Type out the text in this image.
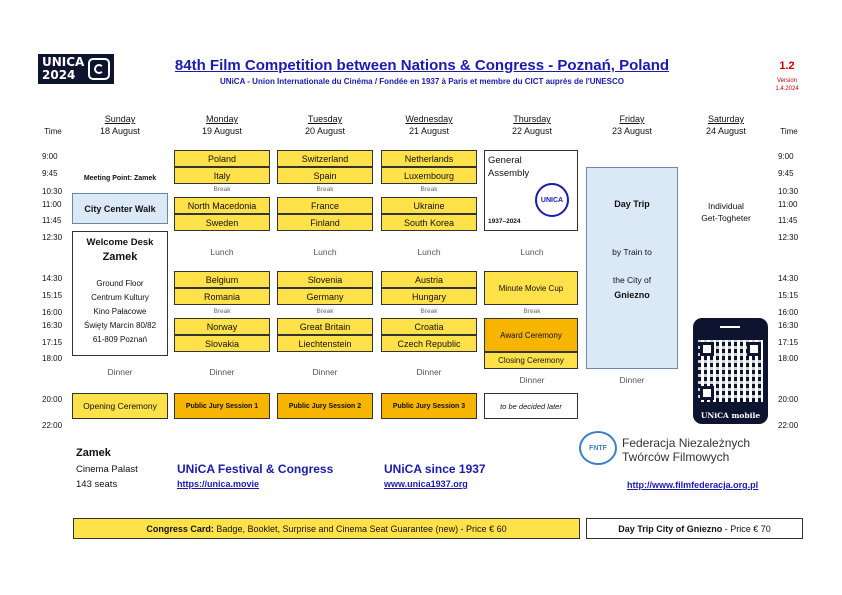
UNICA
2024
84th Film Competition between Nations & Congress - Poznań, Poland
UNiCA - Union Internationale du Cinéma / Fondée en 1937 à Paris et membre du CICT auprès de l'UNESCO
1.2
Version
1.4.2024
Time	Time
Sunday
18 August
Monday
19 August
Tuesday
20 August
Wednesday
21 August
Thursday
22 August
Friday
23 August
Saturday
24 August
9:00
9:45
10:30
11:00
11:45
12:30
14:30
15:15
16:00
16:30
17:15
18:00
20:00
22:00
9:00
9:45
10:30
11:00
11:45
12:30
14:30
15:15
16:00
16:30
17:15
18:00
20:00
22:00
Meeting Point: Zamek
City Center Walk
Welcome Desk
Zamek
Ground Floor
Centrum Kultury
Kino Pałacowe
Święty Marcin 80/82
61-809 Poznań
Dinner
Opening Ceremony
Poland
Italy
Break
North Macedonia
Sweden
Lunch
Belgium
Romania
Break
Norway
Slovakia
Dinner
Public Jury Session 1
Switzerland
Spain
Break
France
Finland
Lunch
Slovenia
Germany
Break
Great Britain
Liechtenstein
Dinner
Public Jury Session 2
Netherlands
Luxembourg
Break
Ukraine
South Korea
Lunch
Austria
Hungary
Break
Croatia
Czech Republic
Dinner
Public Jury Session 3
General Assembly
1937–2024
UNICA
Lunch
Minute Movie Cup
Break
Award Ceremony
Closing Ceremony
Dinner
to be decided later
Day Trip
by Train to
the City of
Gniezno
Dinner
Individual
Get-Togheter
UNiCA mobile
Zamek
Cinema Palast
143 seats
UNiCA Festival & Congress
https://unica.movie
UNiCA since 1937
www.unica1937.org
FNTF Federacja Niezależnych
Twórców Filmowych
http://www.filmfederacja.org.pl
Congress Card:
Badge, Booklet, Surprise and Cinema Seat Guarantee (new) - Price € 60	Day Trip City of Gniezno
- Price € 70
